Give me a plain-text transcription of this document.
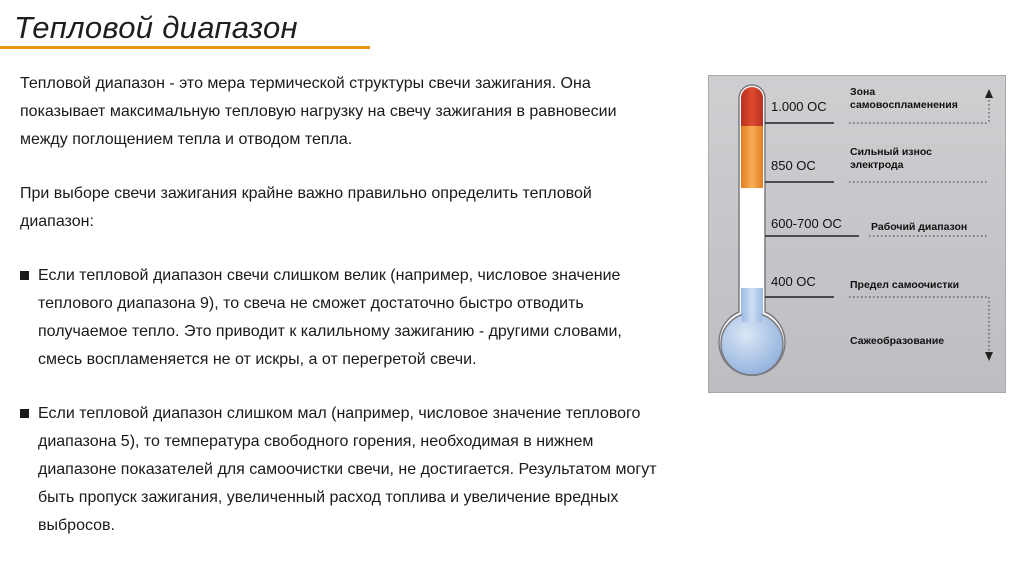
Тепловой диапазон

Тепловой диапазон - это мера термической структуры свечи зажигания. Она показывает максимальную тепловую нагрузку на свечу зажигания в равновесии между поглощением тепла и отводом тепла.

При выборе свечи зажигания крайне важно правильно определить тепловой диапазон:

Если тепловой диапазон свечи слишком велик (например, числовое значение теплового диапазона 9), то свеча не сможет достаточно быстро отводить получаемое тепло. Это приводит к калильному зажиганию - другими словами, смесь воспламеняется не от искры, а от перегретой свечи.
Если тепловой диапазон слишком мал (например, числовое значение теплового диапазона 5), то температура свободного горения, необходимая в нижнем диапазоне показателей для самоочистки свечи, не достигается. Результатом могут быть пропуск зажигания, увеличенный расход топлива и увеличение вредных выбросов.
1.000 OC
850 OC
600-700 OC
400 OC
Зона
самовоспламенения
Сильный износ
электрода
Рабочий диапазон
Предел самоочистки
Сажеобразование
